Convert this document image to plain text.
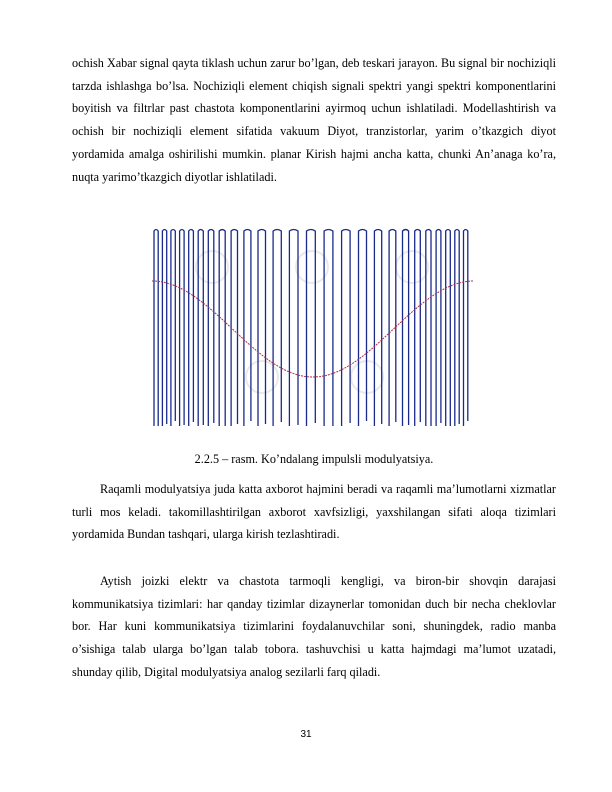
ochish Xabar signal qayta tiklash uchun zarur bo’lgan, deb teskari jarayon. Bu signal bir nochiziqli tarzda ishlashga bo’lsa. Nochiziqli element chiqish signali spektri yangi spektri komponentlarini boyitish va filtrlar past chastota komponentlarini ayirmoq uchun ishlatiladi. Modellashtirish va ochish bir nochiziqli element sifatida vakuum Diyot, tranzistorlar, yarim o’tkazgich diyot yordamida amalga oshirilishi mumkin. planar Kirish hajmi ancha katta, chunki An’anaga ko’ra, nuqta yarimo’tkazgich diyotlar ishlatiladi.

2.2.5 – rasm. Ko’ndalang impulsli modulyatsiya.

Raqamli modulyatsiya juda katta axborot hajmini beradi va raqamli ma’lumotlarni xizmatlar turli mos keladi. takomillashtirilgan axborot xavfsizligi, yaxshilangan sifati aloqa tizimlari yordamida Bundan tashqari, ularga kirish tezlashtiradi.

Aytish joizki elektr va chastota tarmoqli kengligi, va biron-bir shovqin darajasi kommunikatsiya tizimlari: har qanday tizimlar dizaynerlar tomonidan duch bir necha cheklovlar bor. Har kuni kommunikatsiya tizimlarini foydalanuvchilar soni, shuningdek, radio manba o’sishiga talab ularga bo’lgan talab tobora. tashuvchisi u katta hajmdagi ma’lumot uzatadi, shunday qilib, Digital modulyatsiya analog sezilarli farq qiladi.

31
